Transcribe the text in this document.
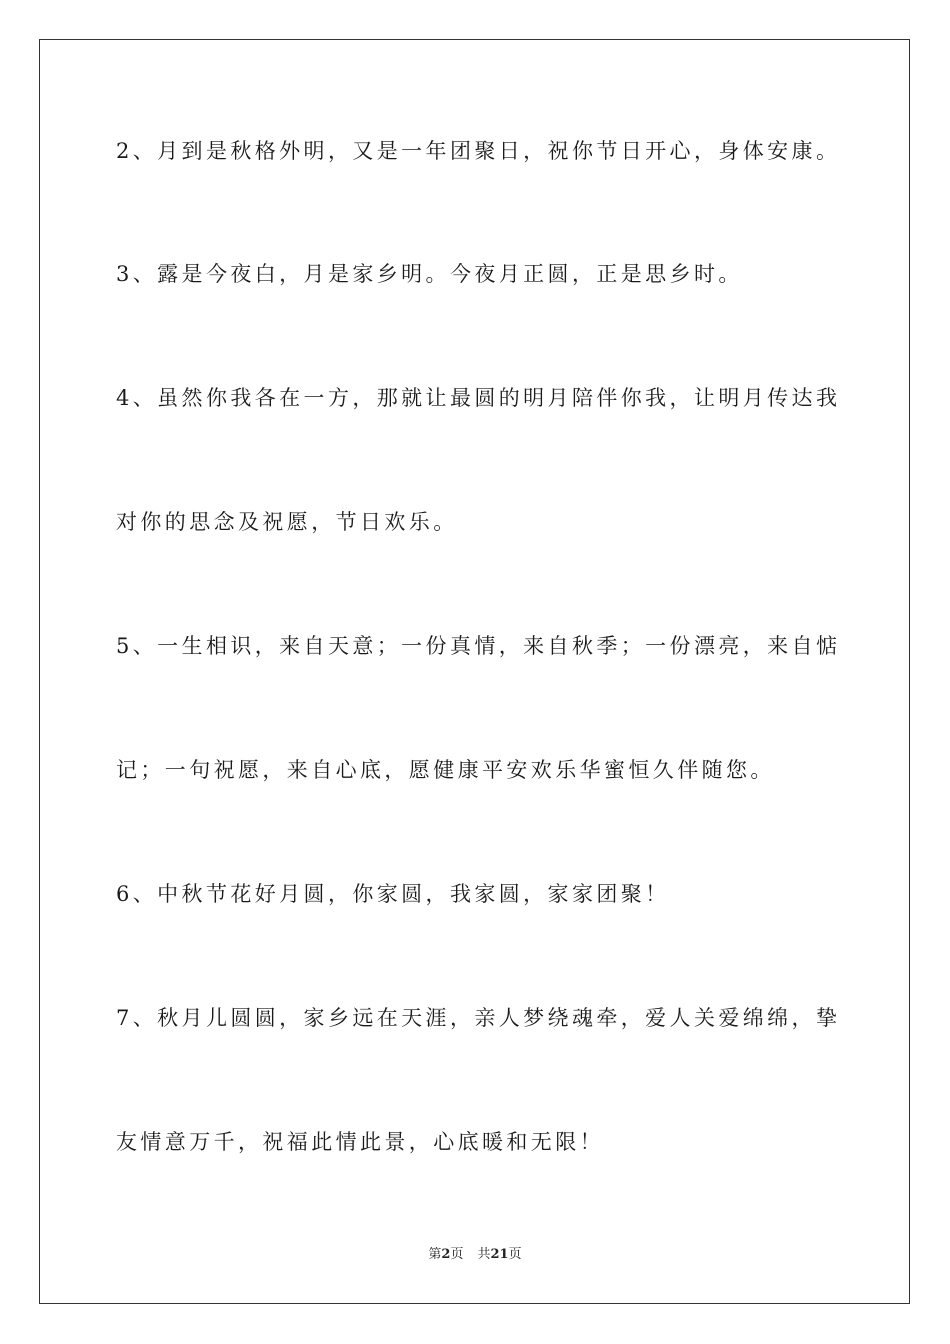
2、月到是秋格外明，又是一年团聚日，祝你节日开心，身体安康。
3、露是今夜白，月是家乡明。今夜月正圆，正是思乡时。
4、虽然你我各在一方，那就让最圆的明月陪伴你我，让明月传达我
对你的思念及祝愿，节日欢乐。
5、一生相识，来自天意；一份真情，来自秋季；一份漂亮，来自惦
记；一句祝愿，来自心底，愿健康平安欢乐华蜜恒久伴随您。
6、中秋节花好月圆，你家圆，我家圆，家家团聚！
7、秋月儿圆圆，家乡远在天涯，亲人梦绕魂牵，爱人关爱绵绵，挚
友情意万千，祝福此情此景，心底暖和无限！
第2页 共21页
